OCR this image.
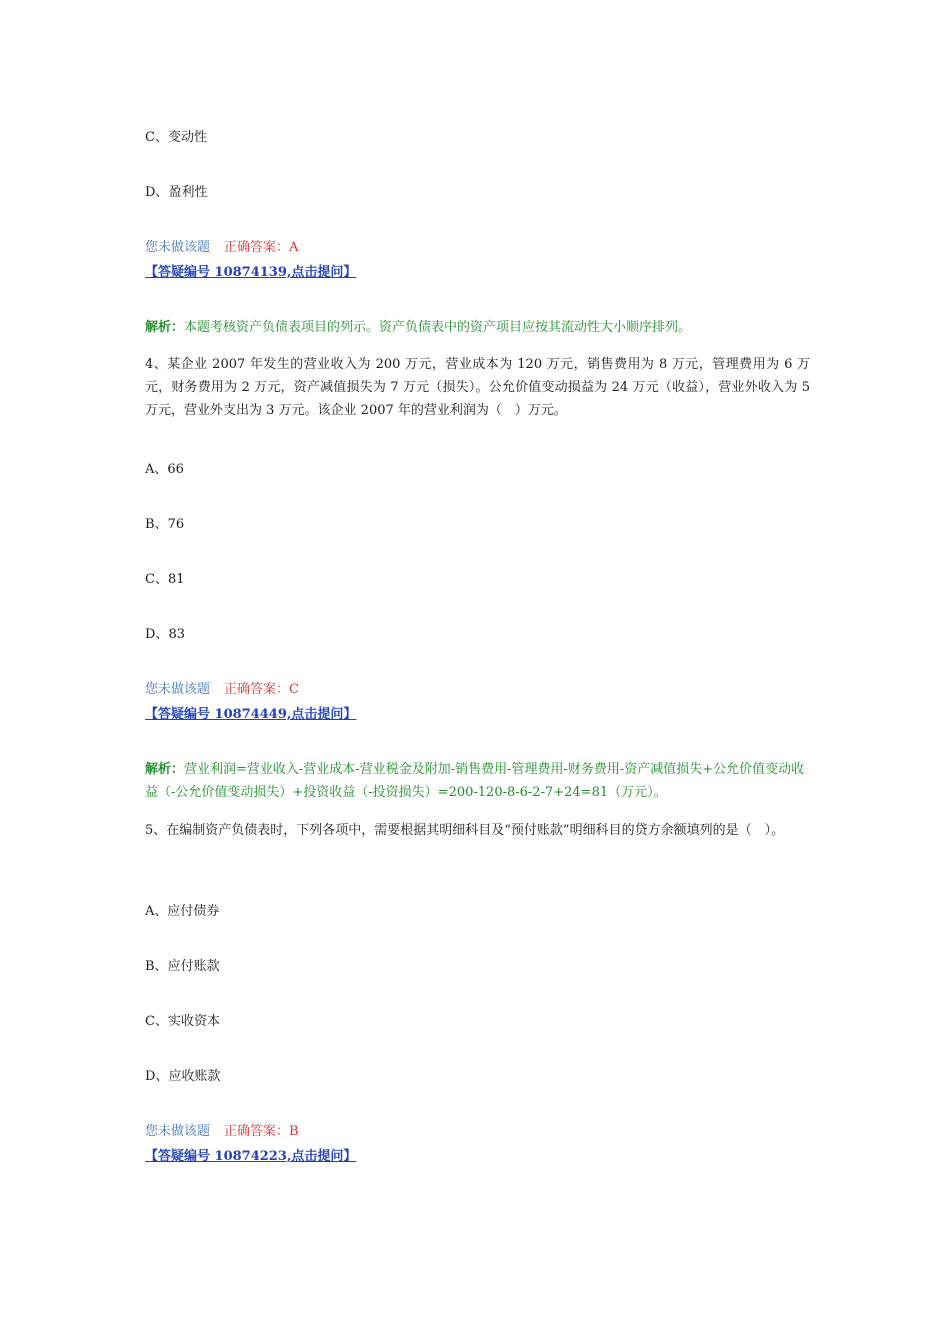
C、变动性

D、盈利性

您未做该题 正确答案：A

【答疑编号 10874139,点击提问】

解析：本题考核资产负债表项目的列示。资产负债表中的资产项目应按其流动性大小顺序排列。

4、某企业 2007 年发生的营业收入为 200 万元，营业成本为 120 万元，销售费用为 8 万元，管理费用为 6 万元，财务费用为 2 万元，资产减值损失为 7 万元（损失）。公允价值变动损益为 24 万元（收益），营业外收入为 5 万元，营业外支出为 3 万元。该企业 2007 年的营业利润为（　）万元。

A、66

B、76

C、81

D、83

您未做该题 正确答案：C

【答疑编号 10874449,点击提问】

解析：营业利润=营业收入-营业成本-营业税金及附加-销售费用-管理费用-财务费用-资产减值损失+公允价值变动收益（-公允价值变动损失）+投资收益（-投资损失）=200-120-8-6-2-7+24=81（万元）。

5、在编制资产负债表时，下列各项中，需要根据其明细科目及“预付账款”明细科目的贷方余额填列的是（　）。

A、应付债券

B、应付账款

C、实收资本

D、应收账款

您未做该题 正确答案：B

【答疑编号 10874223,点击提问】
